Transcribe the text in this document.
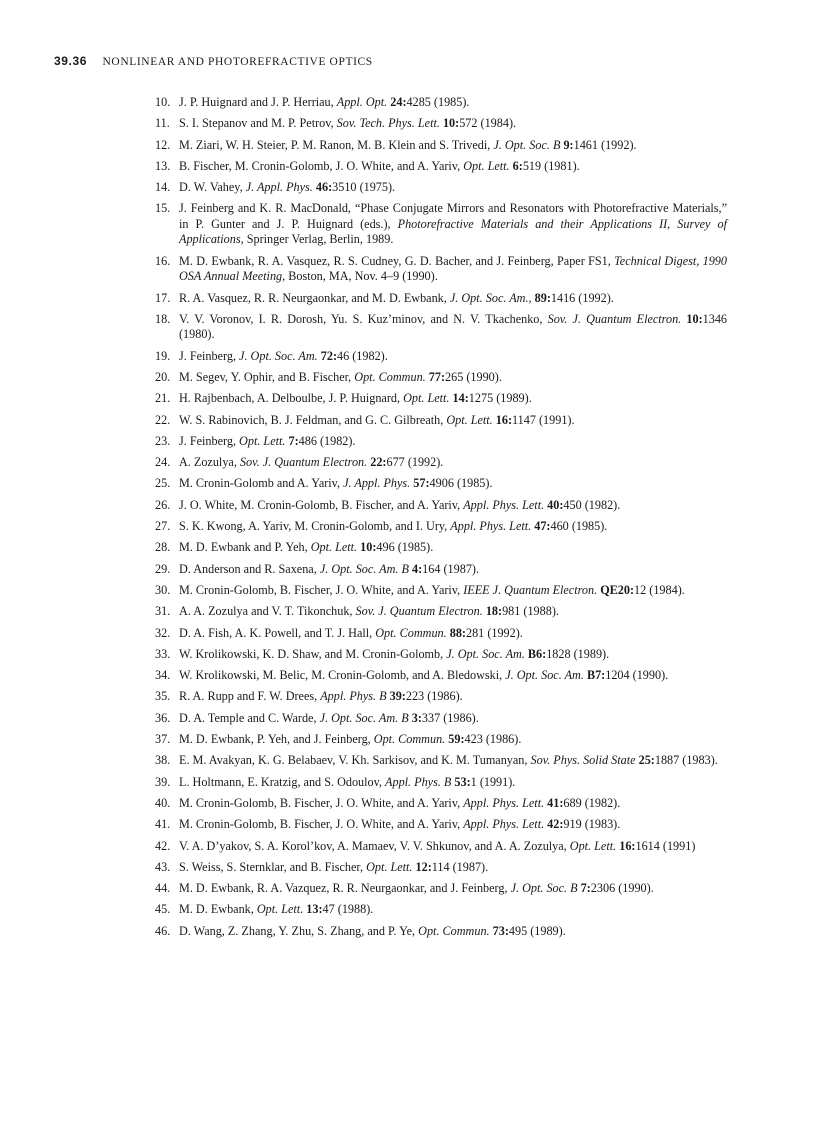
39.36 NONLINEAR AND PHOTOREFRACTIVE OPTICS
10. J. P. Huignard and J. P. Herriau, Appl. Opt. 24:4285 (1985).
11. S. I. Stepanov and M. P. Petrov, Sov. Tech. Phys. Lett. 10:572 (1984).
12. M. Ziari, W. H. Steier, P. M. Ranon, M. B. Klein and S. Trivedi, J. Opt. Soc. B 9:1461 (1992).
13. B. Fischer, M. Cronin-Golomb, J. O. White, and A. Yariv, Opt. Lett. 6:519 (1981).
14. D. W. Vahey, J. Appl. Phys. 46:3510 (1975).
15. J. Feinberg and K. R. MacDonald, “Phase Conjugate Mirrors and Resonators with Photorefractive Materials,” in P. Gunter and J. P. Huignard (eds.), Photorefractive Materials and their Applications II, Survey of Applications, Springer Verlag, Berlin, 1989.
16. M. D. Ewbank, R. A. Vasquez, R. S. Cudney, G. D. Bacher, and J. Feinberg, Paper FS1, Technical Digest, 1990 OSA Annual Meeting, Boston, MA, Nov. 4–9 (1990).
17. R. A. Vasquez, R. R. Neurgaonkar, and M. D. Ewbank, J. Opt. Soc. Am., 89:1416 (1992).
18. V. V. Voronov, I. R. Dorosh, Yu. S. Kuz’minov, and N. V. Tkachenko, Sov. J. Quantum Electron. 10:1346 (1980).
19. J. Feinberg, J. Opt. Soc. Am. 72:46 (1982).
20. M. Segev, Y. Ophir, and B. Fischer, Opt. Commun. 77:265 (1990).
21. H. Rajbenbach, A. Delboulbe, J. P. Huignard, Opt. Lett. 14:1275 (1989).
22. W. S. Rabinovich, B. J. Feldman, and G. C. Gilbreath, Opt. Lett. 16:1147 (1991).
23. J. Feinberg, Opt. Lett. 7:486 (1982).
24. A. Zozulya, Sov. J. Quantum Electron. 22:677 (1992).
25. M. Cronin-Golomb and A. Yariv, J. Appl. Phys. 57:4906 (1985).
26. J. O. White, M. Cronin-Golomb, B. Fischer, and A. Yariv, Appl. Phys. Lett. 40:450 (1982).
27. S. K. Kwong, A. Yariv, M. Cronin-Golomb, and I. Ury, Appl. Phys. Lett. 47:460 (1985).
28. M. D. Ewbank and P. Yeh, Opt. Lett. 10:496 (1985).
29. D. Anderson and R. Saxena, J. Opt. Soc. Am. B 4:164 (1987).
30. M. Cronin-Golomb, B. Fischer, J. O. White, and A. Yariv, IEEE J. Quantum Electron. QE20:12 (1984).
31. A. A. Zozulya and V. T. Tikonchuk, Sov. J. Quantum Electron. 18:981 (1988).
32. D. A. Fish, A. K. Powell, and T. J. Hall, Opt. Commun. 88:281 (1992).
33. W. Krolikowski, K. D. Shaw, and M. Cronin-Golomb, J. Opt. Soc. Am. B6:1828 (1989).
34. W. Krolikowski, M. Belic, M. Cronin-Golomb, and A. Bledowski, J. Opt. Soc. Am. B7:1204 (1990).
35. R. A. Rupp and F. W. Drees, Appl. Phys. B 39:223 (1986).
36. D. A. Temple and C. Warde, J. Opt. Soc. Am. B 3:337 (1986).
37. M. D. Ewbank, P. Yeh, and J. Feinberg, Opt. Commun. 59:423 (1986).
38. E. M. Avakyan, K. G. Belabaev, V. Kh. Sarkisov, and K. M. Tumanyan, Sov. Phys. Solid State 25:1887 (1983).
39. L. Holtmann, E. Kratzig, and S. Odoulov, Appl. Phys. B 53:1 (1991).
40. M. Cronin-Golomb, B. Fischer, J. O. White, and A. Yariv, Appl. Phys. Lett. 41:689 (1982).
41. M. Cronin-Golomb, B. Fischer, J. O. White, and A. Yariv, Appl. Phys. Lett. 42:919 (1983).
42. V. A. D’yakov, S. A. Korol’kov, A. Mamaev, V. V. Shkunov, and A. A. Zozulya, Opt. Lett. 16:1614 (1991)
43. S. Weiss, S. Sternklar, and B. Fischer, Opt. Lett. 12:114 (1987).
44. M. D. Ewbank, R. A. Vazquez, R. R. Neurgaonkar, and J. Feinberg, J. Opt. Soc. B 7:2306 (1990).
45. M. D. Ewbank, Opt. Lett. 13:47 (1988).
46. D. Wang, Z. Zhang, Y. Zhu, S. Zhang, and P. Ye, Opt. Commun. 73:495 (1989).
